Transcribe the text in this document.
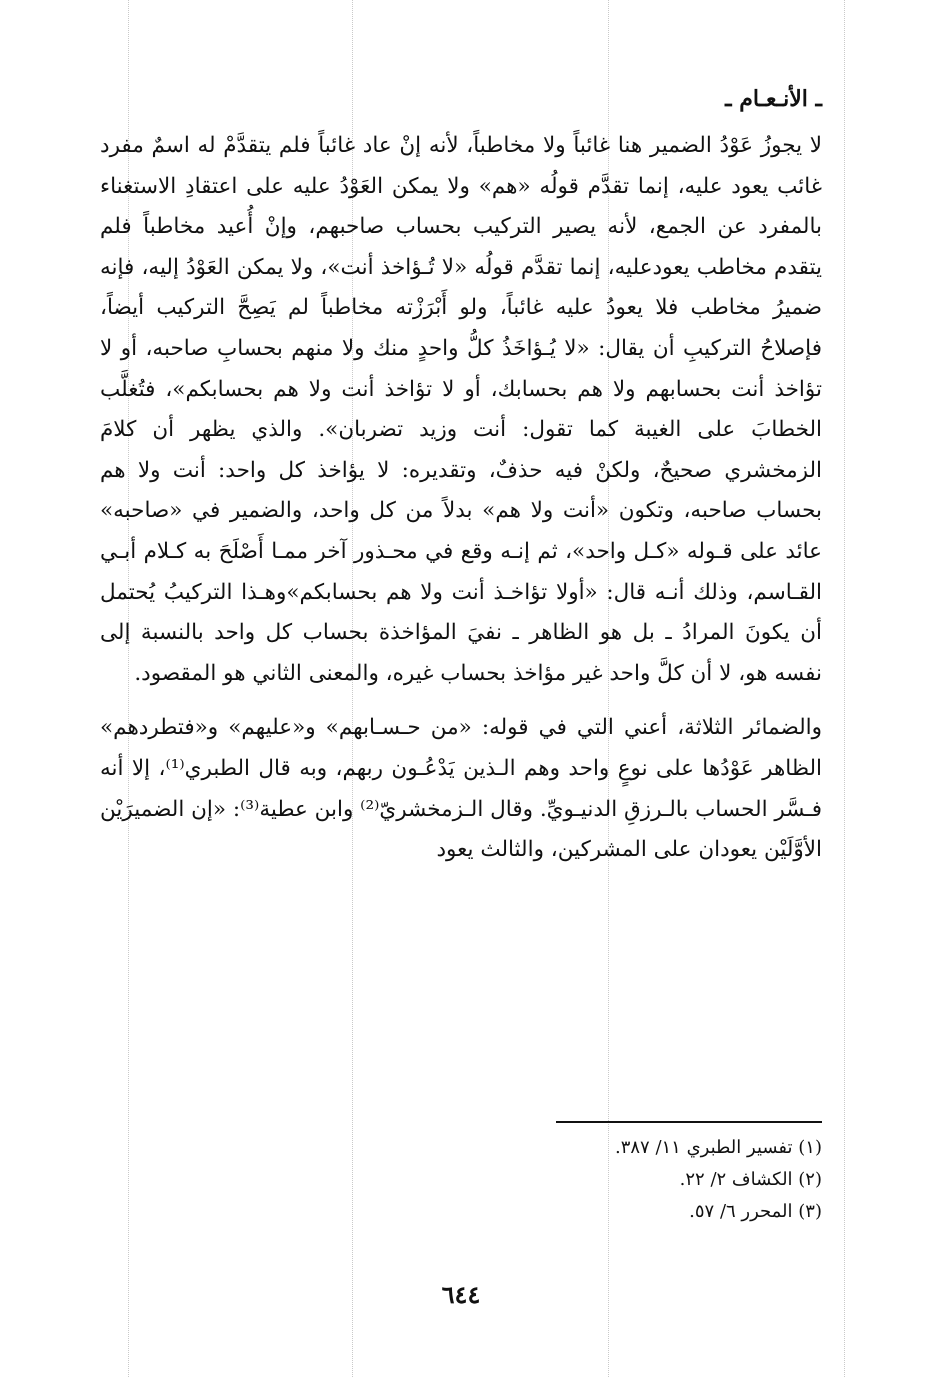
ـ الأنـعـام ـ

لا يجوزُ عَوْدُ الضمير هنا غائباً ولا مخاطباً، لأنه إنْ عاد غائباً فلم يتقدَّمْ له اسمٌ مفرد غائب يعود عليه، إنما تقدَّم قولُه «هم» ولا يمكن العَوْدُ عليه على اعتقادِ الاستغناء بالمفرد عن الجمع، لأنه يصير التركيب بحساب صاحبهم، وإنْ أُعيد مخاطباً فلم يتقدم مخاطب يعودعليه، إنما تقدَّم قولُه «لا تُـؤاخذ أنت»، ولا يمكن العَوْدُ إليه، فإنه ضميرُ مخاطب فلا يعودُ عليه غائباً، ولو أَبْرَزْته مخاطباً لم يَصِحَّ التركيب أيضاً، فإصلاحُ التركيبِ أن يقال: «لا يُـؤاخَذُ كلُّ واحدٍ منك ولا منهم بحسابِ صاحبه، أو لا تؤاخذ أنت بحسابهم ولا هم بحسابك، أو لا تؤاخذ أنت ولا هم بحسابكم»، فتُغلَّب الخطابَ على الغيبة كما تقول: أنت وزيد تضربان». والذي يظهر أن كلامَ الزمخشري صحيحٌ، ولكنْ فيه حذفٌ، وتقديره: لا يؤاخذ كل واحد: أنت ولا هم بحساب صاحبه، وتكون «أنت ولا هم» بدلاً من كل واحد، والضمير في «صاحبه» عائد على قـوله «كـل واحد»، ثم إنـه وقع في محـذور آخر ممـا أَصْلَحَ به كـلام أبـي القـاسم، وذلك أنـه قال: «أولا تؤاخـذ أنت ولا هم بحسابكم»وهـذا التركيبُ يُحتمل أن يكونَ المرادُ ـ بل هو الظاهر ـ نفيَ المؤاخذة بحساب كل واحد بالنسبة إلى نفسه هو، لا أن كلَّ واحد غير مؤاخذ بحساب غيره، والمعنى الثاني هو المقصود.

والضمائر الثلاثة، أعني التي في قوله: «من حـسـابهم» و«عليهم» و«فتطردهم» الظاهر عَوْدُها على نوعٍ واحد وهم الـذين يَدْعُـون ربهم، وبه قال الطبري⁽¹⁾، إلا أنه فـسَّر الحساب بالـرزقِ الدنيـويِّ. وقال الـزمخشريّ⁽²⁾ وابن عطية⁽³⁾: «إن الضميرَيْن الأوَّلَيْن يعودان على المشركين، والثالث يعود

(١) تفسير الطبري ١١/ ٣٨٧.
(٢) الكشاف ٢/ ٢٢.
(٣) المحرر ٦/ ٥٧.
٦٤٤
